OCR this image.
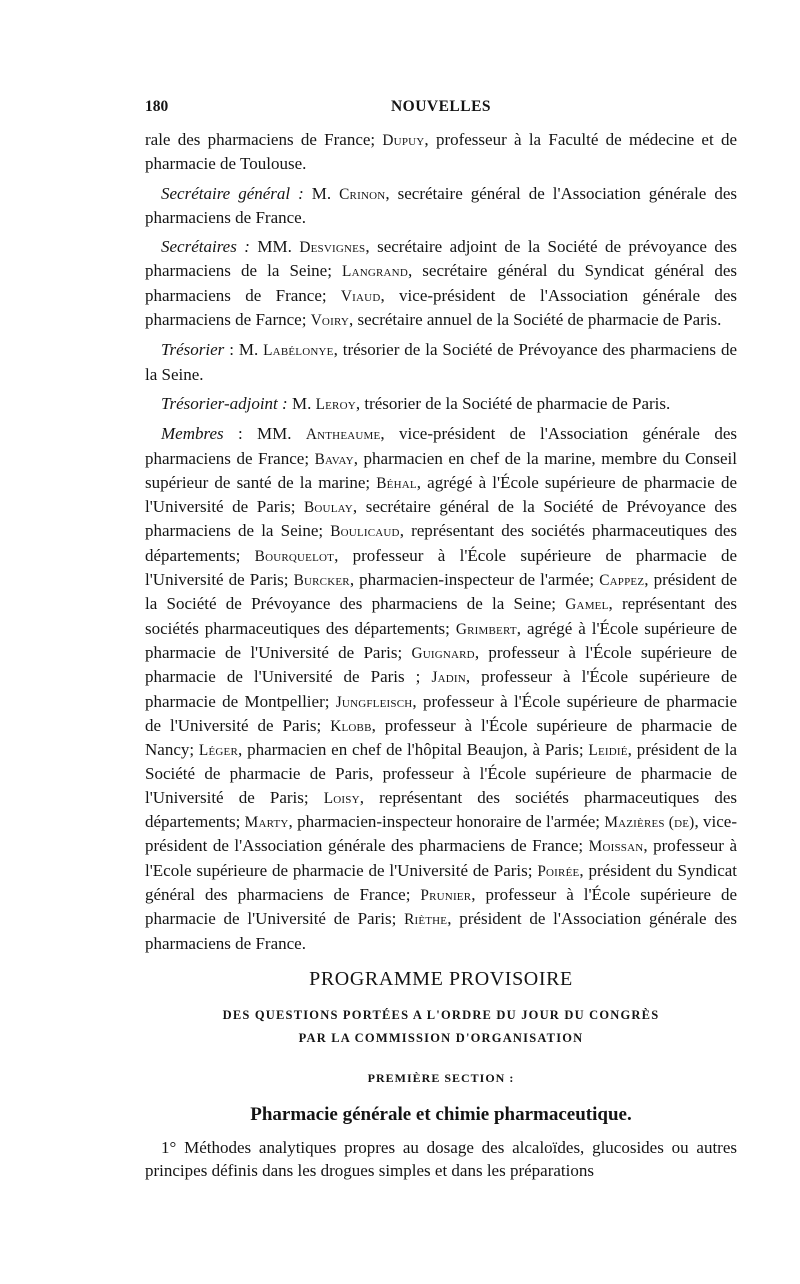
180	NOUVELLES

rale des pharmaciens de France; Dupuy, professeur à la Faculté de médecine et de pharmacie de Toulouse.

Secrétaire général : M. Crinon, secrétaire général de l'Association générale des pharmaciens de France.

Secrétaires : MM. Desvignes, secrétaire adjoint de la Société de prévoyance des pharmaciens de la Seine; Langrand, secrétaire général du Syndicat général des pharmaciens de France; Viaud, vice-président de l'Association générale des pharmaciens de Farnce; Voiry, secrétaire annuel de la Société de pharmacie de Paris.

Trésorier : M. Labélonye, trésorier de la Société de Prévoyance des pharmaciens de la Seine.

Trésorier-adjoint : M. Leroy, trésorier de la Société de pharmacie de Paris.

Membres : MM. Antheaume, vice-président de l'Association générale des pharmaciens de France; Bavay, pharmacien en chef de la marine, membre du Conseil supérieur de santé de la marine; Béhal, agrégé à l'École supérieure de pharmacie de l'Université de Paris; Boulay, secrétaire général de la Société de Prévoyance des pharmaciens de la Seine; Boulicaud, représentant des sociétés pharmaceutiques des départements; Bourquelot, professeur à l'École supérieure de pharmacie de l'Université de Paris; Burcker, pharmacien-inspecteur de l'armée; Cappez, président de la Société de Prévoyance des pharmaciens de la Seine; Gamel, représentant des sociétés pharmaceutiques des départements; Grimbert, agrégé à l'École supérieure de pharmacie de l'Université de Paris; Guignard, professeur à l'École supérieure de pharmacie de l'Université de Paris ; Jadin, professeur à l'École supérieure de pharmacie de Montpellier; Jungfleisch, professeur à l'École supérieure de pharmacie de l'Université de Paris; Klobb, professeur à l'École supérieure de pharmacie de Nancy; Léger, pharmacien en chef de l'hôpital Beaujon, à Paris; Leidié, président de la Société de pharmacie de Paris, professeur à l'École supérieure de pharmacie de l'Université de Paris; Loisy, représentant des sociétés pharmaceutiques des départements; Marty, pharmacien-inspecteur honoraire de l'armée; Mazières (de), vice-président de l'Association générale des pharmaciens de France; Moissan, professeur à l'Ecole supérieure de pharmacie de l'Université de Paris; Poirée, président du Syndicat général des pharmaciens de France; Prunier, professeur à l'École supérieure de pharmacie de l'Université de Paris; Rièthe, président de l'Association générale des pharmaciens de France.

PROGRAMME PROVISOIRE
DES QUESTIONS PORTÉES A L'ORDRE DU JOUR DU CONGRÈS
PAR LA COMMISSION D'ORGANISATION
PREMIÈRE SECTION :
Pharmacie générale et chimie pharmaceutique.

1° Méthodes analytiques propres au dosage des alcaloïdes, glucosides ou autres principes définis dans les drogues simples et dans les préparations
